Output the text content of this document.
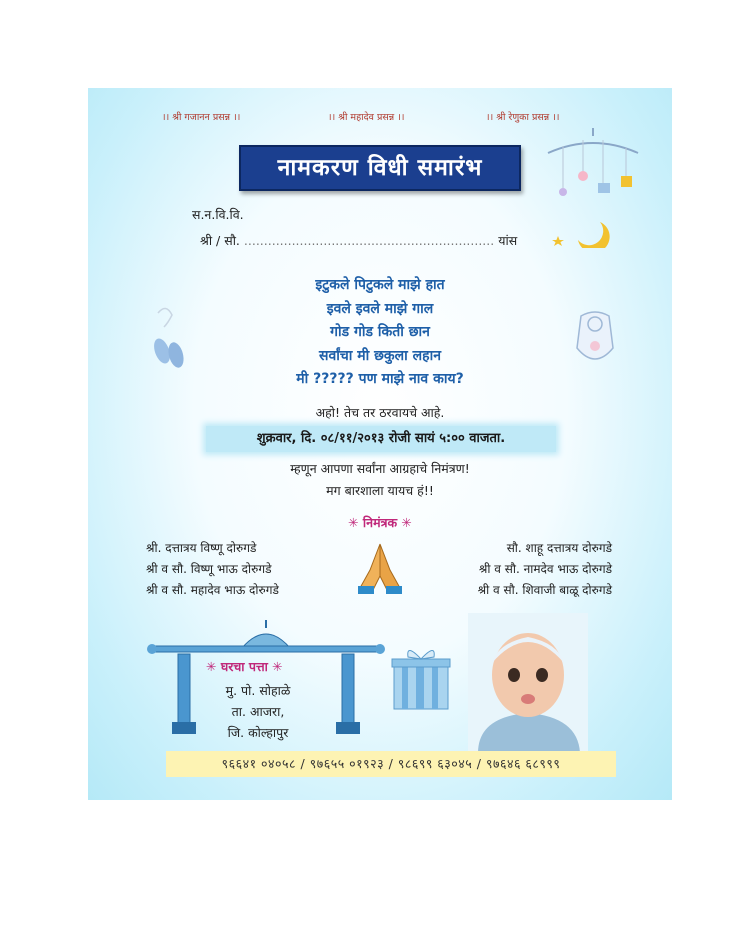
।। श्री गजानन प्रसन्न ।।	।। श्री महादेव प्रसन्न ।।	।। श्री रेणुका प्रसन्न ।।
नामकरण विधी समारंभ
स.न.वि.वि.
श्री / सौ. ............................................................... यांस
इटुकले पिटुकले माझे हात
इवले इवले माझे गाल
गोड गोड किती छान
सर्वांचा मी छकुला लहान
मी ????? पण माझे नाव काय?
अहो! तेच तर ठरवायचे आहे.
शुक्रवार, दि. ०८/११/२०१३ रोजी सायं ५:०० वाजता.
म्हणून आपणा सर्वांना आग्रहाचे निमंत्रण!
मग बारशाला यायच हं!!
✳ निमंत्रक ✳
श्री. दत्तात्रय विष्णू दोरुगडे
श्री व सौ. विष्णू भाऊ दोरुगडे
श्री व सौ. महादेव भाऊ दोरुगडे
सौ. शाहू दत्तात्रय दोरुगडे
श्री व सौ. नामदेव भाऊ दोरुगडे
श्री व सौ. शिवाजी बाळू दोरुगडे
✳ घरचा पत्ता ✳
मु. पो. सोहाळे
ता. आजरा,
जि. कोल्हापुर
९६६४१ ०४०५८ / ९७६५५ ०१९२३ / ९८६९९ ६३०४५ / ९७६४६ ६८९९९
